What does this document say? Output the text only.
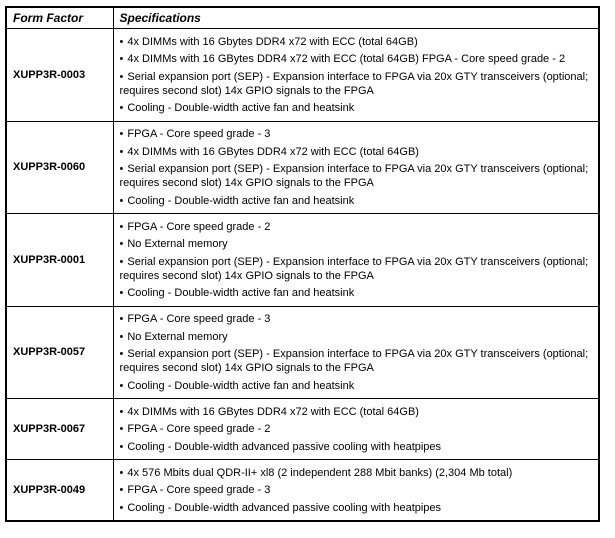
Form Factor	Specifications
XUPP3R-0003	• 4x DIMMs with 16 Gbytes DDR4 x72 with ECC (total 64GB)

• 4x DIMMs with 16 GBytes DDR4 x72 with ECC (total 64GB) FPGA - Core speed grade - 2

• Serial expansion port (SEP) - Expansion interface to FPGA via 20x GTY transceivers (optional; requires second slot) 14x GPIO signals to the FPGA

• Cooling - Double-width active fan and heatsink

XUPP3R-0060	• FPGA - Core speed grade - 3

• 4x DIMMs with 16 GBytes DDR4 x72 with ECC (total 64GB)

• Serial expansion port (SEP) - Expansion interface to FPGA via 20x GTY transceivers (optional; requires second slot) 14x GPIO signals to the FPGA

• Cooling - Double-width active fan and heatsink

XUPP3R-0001	• FPGA - Core speed grade - 2

• No External memory

• Serial expansion port (SEP) - Expansion interface to FPGA via 20x GTY transceivers (optional; requires second slot) 14x GPIO signals to the FPGA

• Cooling - Double-width active fan and heatsink

XUPP3R-0057	• FPGA - Core speed grade - 3

• No External memory

• Serial expansion port (SEP) - Expansion interface to FPGA via 20x GTY transceivers (optional; requires second slot) 14x GPIO signals to the FPGA

• Cooling - Double-width active fan and heatsink

XUPP3R-0067	• 4x DIMMs with 16 GBytes DDR4 x72 with ECC (total 64GB)

• FPGA - Core speed grade - 2

• Cooling - Double-width advanced passive cooling with heatpipes

XUPP3R-0049	• 4x 576 Mbits dual QDR-II+ xl8 (2 independent 288 Mbit banks) (2,304 Mb total)

• FPGA - Core speed grade - 3

• Cooling - Double-width advanced passive cooling with heatpipes
